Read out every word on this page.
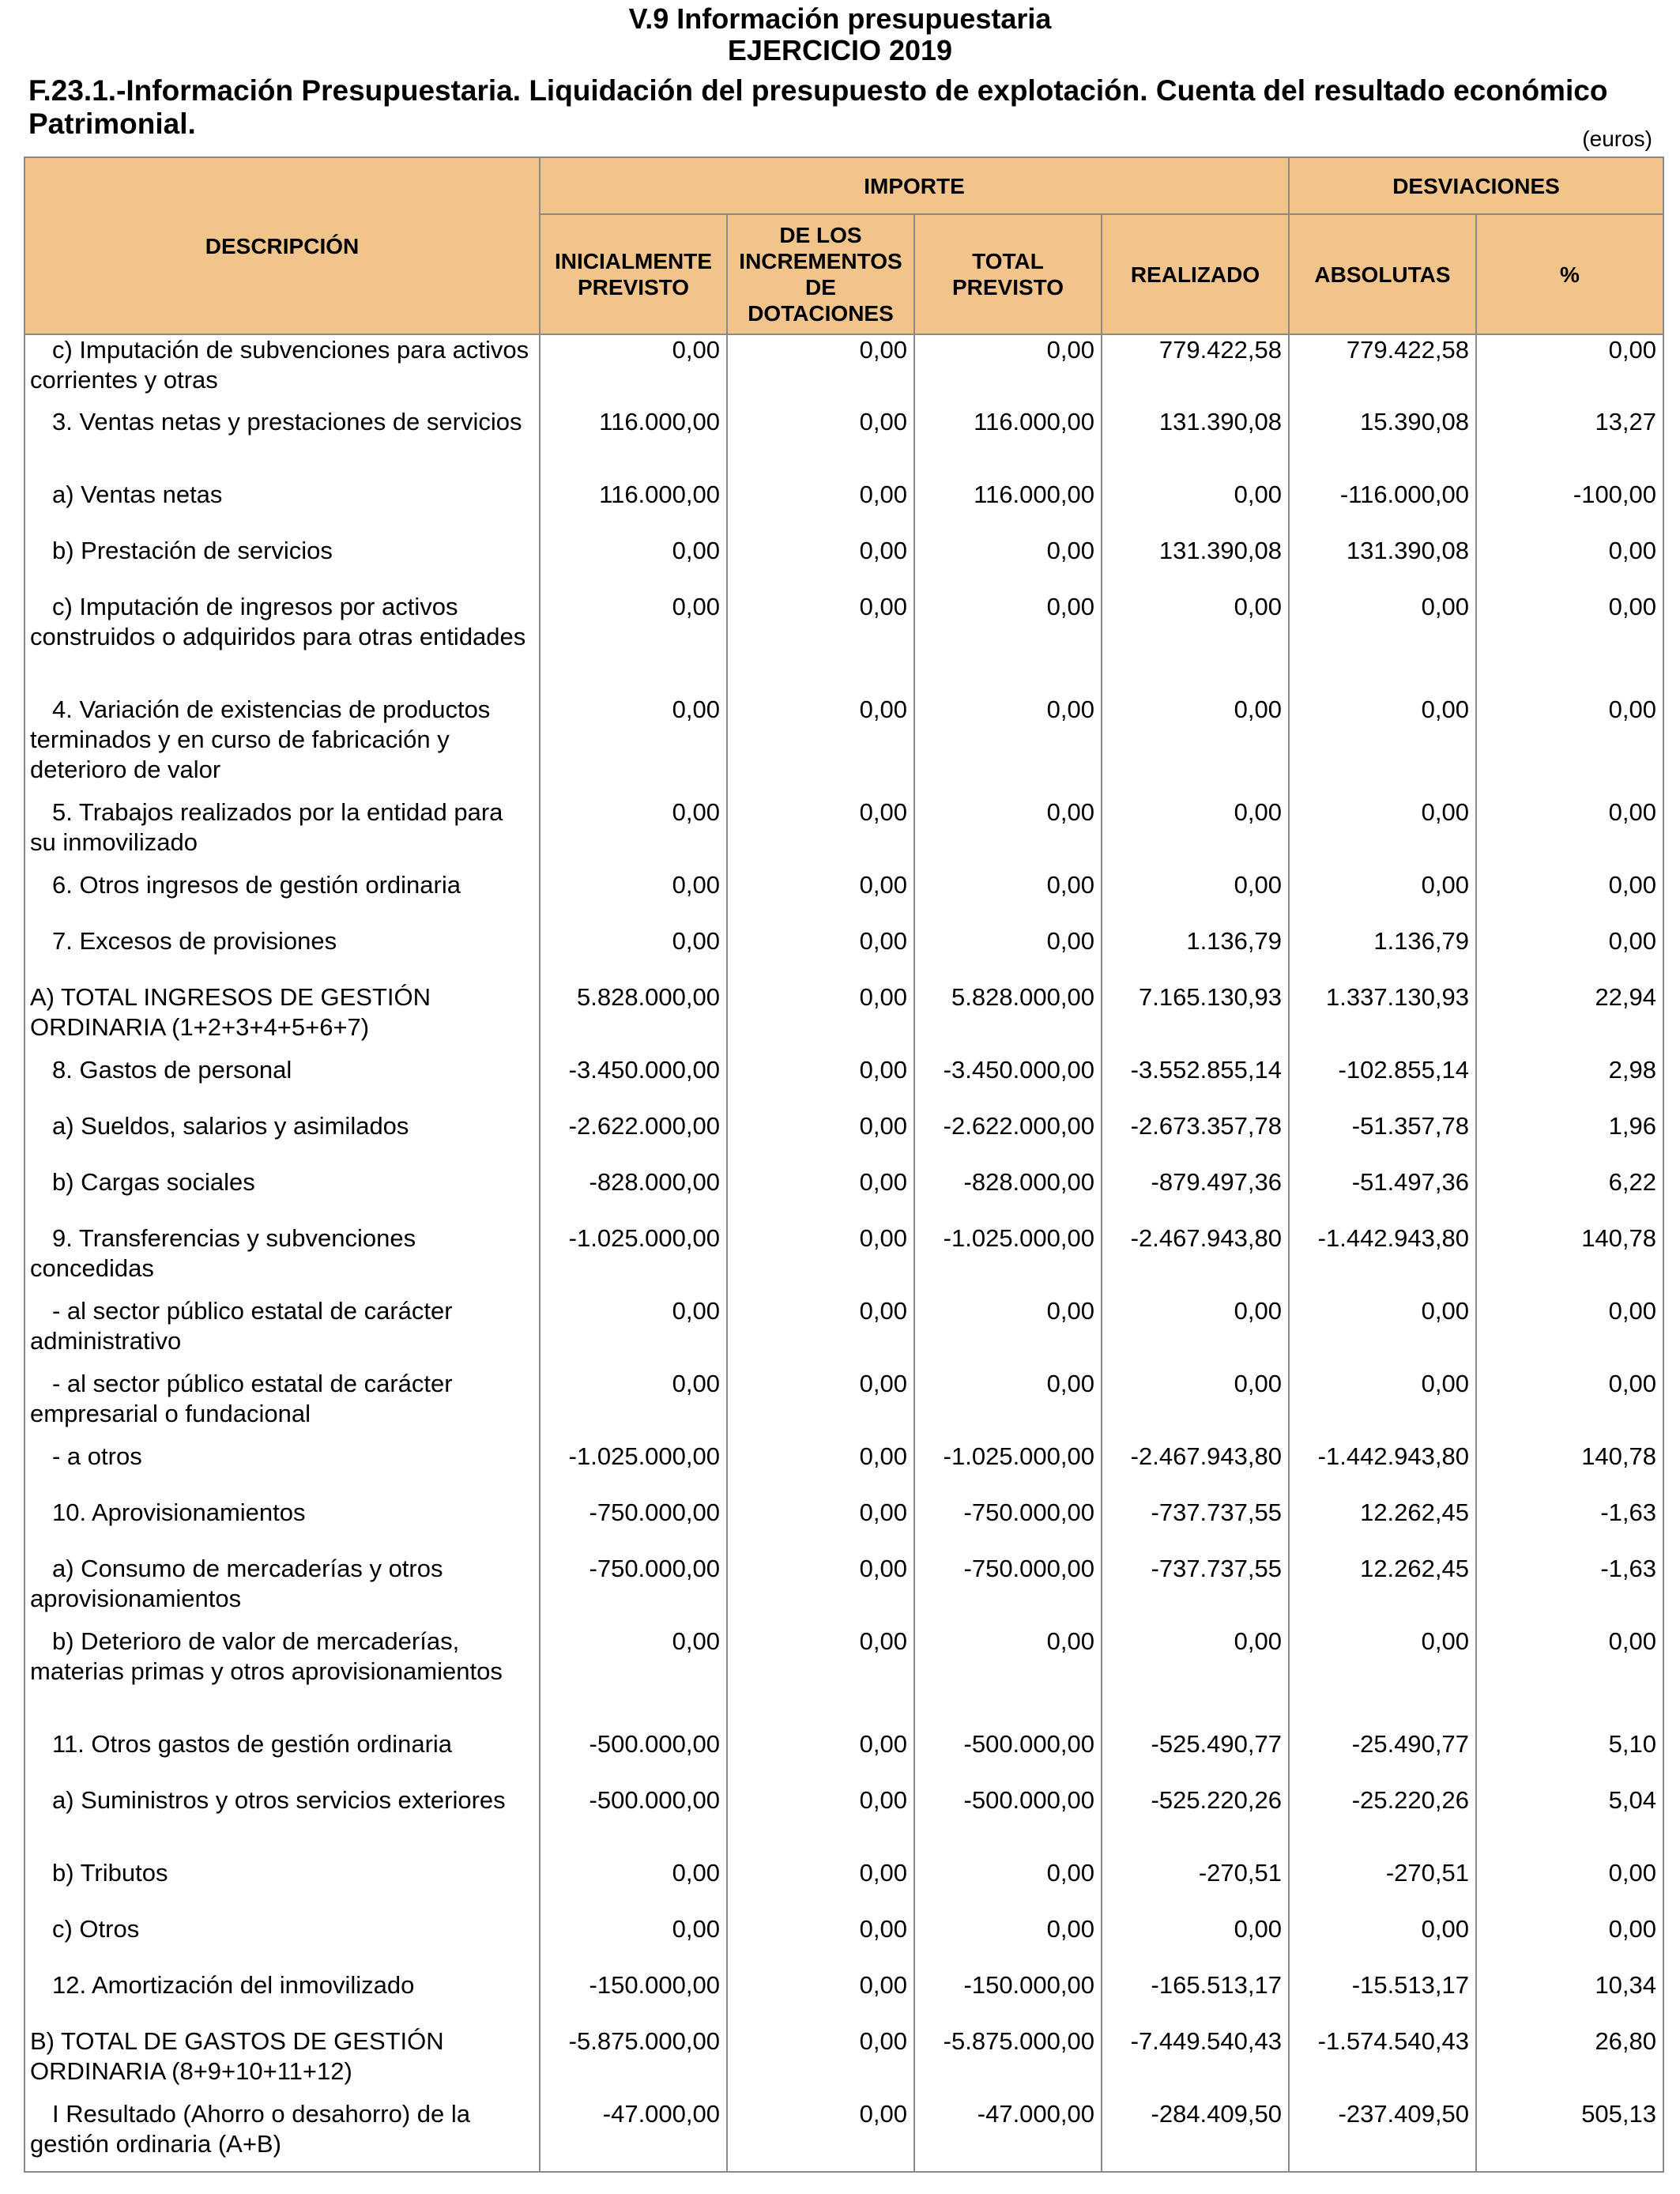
V.9 Información presupuestaria
EJERCICIO 2019
F.23.1.-Información Presupuestaria. Liquidación del presupuesto de explotación. Cuenta del resultado económico Patrimonial.	(euros)
DESCRIPCIÓN	IMPORTE				DESVIACIONES	
	INICIALMENTE PREVISTO	DE LOS INCREMENTOS DE DOTACIONES	TOTAL PREVISTO	REALIZADO	ABSOLUTAS	%
c) Imputación de subvenciones para activos corrientes y otras	0,00	0,00	0,00	779.422,58	779.422,58	0,00
3. Ventas netas y prestaciones de servicios	116.000,00	0,00	116.000,00	131.390,08	15.390,08	13,27
a) Ventas netas	116.000,00	0,00	116.000,00	0,00	-116.000,00	-100,00
b) Prestación de servicios	0,00	0,00	0,00	131.390,08	131.390,08	0,00
c) Imputación de ingresos por activos construidos o adquiridos para otras entidades	0,00	0,00	0,00	0,00	0,00	0,00
4. Variación de existencias de productos terminados y en curso de fabricación y deterioro de valor	0,00	0,00	0,00	0,00	0,00	0,00
5. Trabajos realizados por la entidad para su inmovilizado	0,00	0,00	0,00	0,00	0,00	0,00
6. Otros ingresos de gestión ordinaria	0,00	0,00	0,00	0,00	0,00	0,00
7. Excesos de provisiones	0,00	0,00	0,00	1.136,79	1.136,79	0,00
A) TOTAL INGRESOS DE GESTIÓN ORDINARIA (1+2+3+4+5+6+7)	5.828.000,00	0,00	5.828.000,00	7.165.130,93	1.337.130,93	22,94
8. Gastos de personal	-3.450.000,00	0,00	-3.450.000,00	-3.552.855,14	-102.855,14	2,98
a) Sueldos, salarios y asimilados	-2.622.000,00	0,00	-2.622.000,00	-2.673.357,78	-51.357,78	1,96
b) Cargas sociales	-828.000,00	0,00	-828.000,00	-879.497,36	-51.497,36	6,22
9. Transferencias y subvenciones concedidas	-1.025.000,00	0,00	-1.025.000,00	-2.467.943,80	-1.442.943,80	140,78
- al sector público estatal de carácter administrativo	0,00	0,00	0,00	0,00	0,00	0,00
- al sector público estatal de carácter empresarial o fundacional	0,00	0,00	0,00	0,00	0,00	0,00
- a otros	-1.025.000,00	0,00	-1.025.000,00	-2.467.943,80	-1.442.943,80	140,78
10. Aprovisionamientos	-750.000,00	0,00	-750.000,00	-737.737,55	12.262,45	-1,63
a) Consumo de mercaderías y otros aprovisionamientos	-750.000,00	0,00	-750.000,00	-737.737,55	12.262,45	-1,63
b) Deterioro de valor de mercaderías, materias primas y otros aprovisionamientos	0,00	0,00	0,00	0,00	0,00	0,00
11. Otros gastos de gestión ordinaria	-500.000,00	0,00	-500.000,00	-525.490,77	-25.490,77	5,10
a) Suministros y otros servicios exteriores	-500.000,00	0,00	-500.000,00	-525.220,26	-25.220,26	5,04
b) Tributos	0,00	0,00	0,00	-270,51	-270,51	0,00
c) Otros	0,00	0,00	0,00	0,00	0,00	0,00
12. Amortización del inmovilizado	-150.000,00	0,00	-150.000,00	-165.513,17	-15.513,17	10,34
B) TOTAL DE GASTOS DE GESTIÓN ORDINARIA (8+9+10+11+12)	-5.875.000,00	0,00	-5.875.000,00	-7.449.540,43	-1.574.540,43	26,80
I Resultado (Ahorro o desahorro) de la gestión ordinaria (A+B)	-47.000,00	0,00	-47.000,00	-284.409,50	-237.409,50	505,13
